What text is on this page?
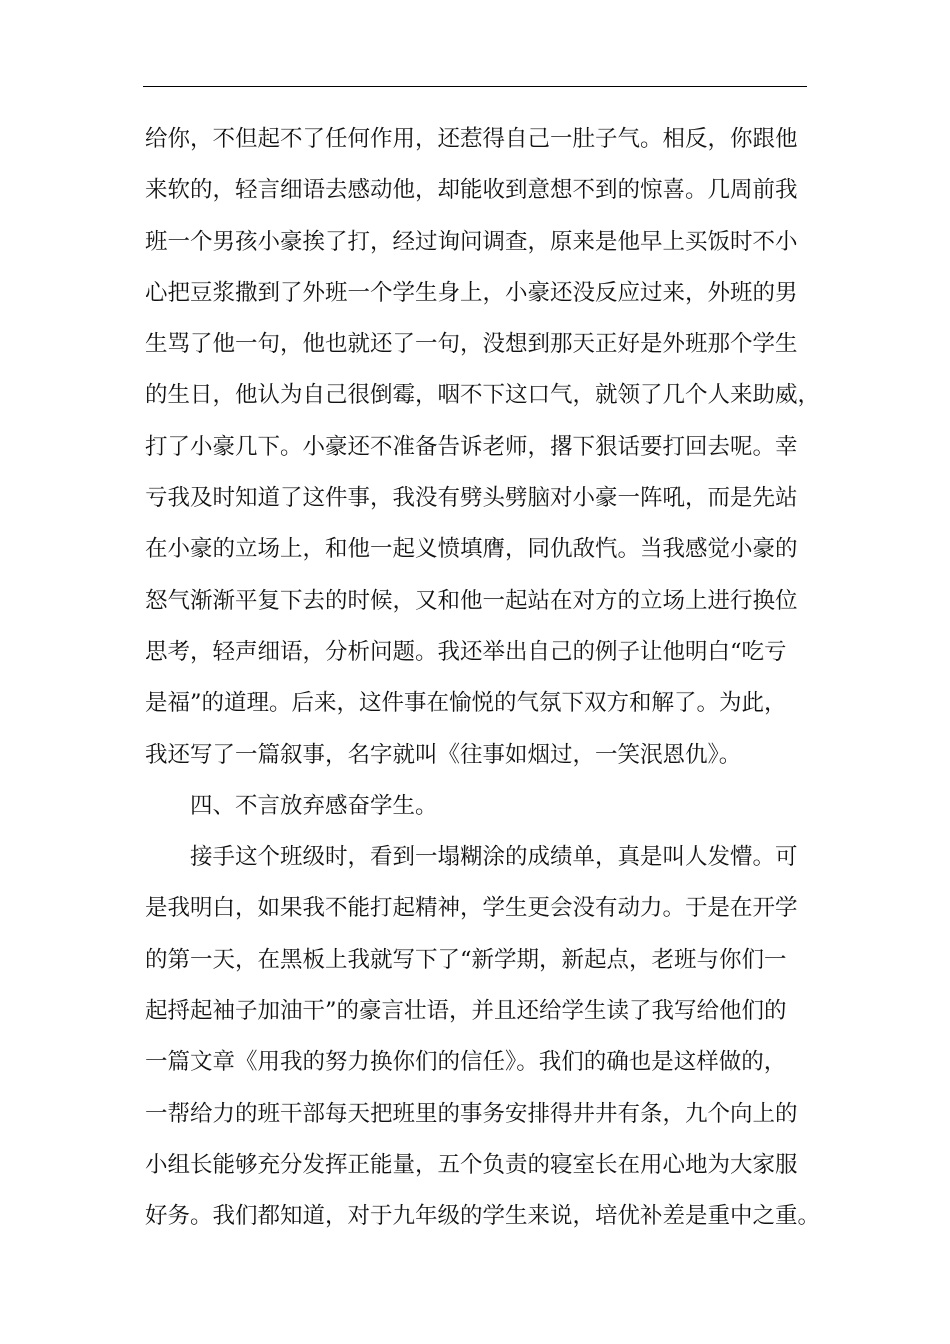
给你，不但起不了任何作用，还惹得自己一肚子气。相反，你跟他

来软的，轻言细语去感动他，却能收到意想不到的惊喜。几周前我

班一个男孩小豪挨了打，经过询问调查，原来是他早上买饭时不小

心把豆浆撒到了外班一个学生身上，小豪还没反应过来，外班的男

生骂了他一句，他也就还了一句，没想到那天正好是外班那个学生

的生日，他认为自己很倒霉，咽不下这口气，就领了几个人来助威，

打了小豪几下。小豪还不准备告诉老师，撂下狠话要打回去呢。幸

亏我及时知道了这件事，我没有劈头劈脑对小豪一阵吼，而是先站

在小豪的立场上，和他一起义愤填膺，同仇敌忾。当我感觉小豪的

怒气渐渐平复下去的时候，又和他一起站在对方的立场上进行换位

思考，轻声细语，分析问题。我还举出自己的例子让他明白“吃亏

是福”的道理。后来，这件事在愉悦的气氛下双方和解了。为此，

我还写了一篇叙事，名字就叫《往事如烟过，一笑泯恩仇》。

四、不言放弃感奋学生。

接手这个班级时，看到一塌糊涂的成绩单，真是叫人发懵。可

是我明白，如果我不能打起精神，学生更会没有动力。于是在开学

的第一天，在黑板上我就写下了“新学期，新起点，老班与你们一

起捋起袖子加油干”的豪言壮语，并且还给学生读了我写给他们的

一篇文章《用我的努力换你们的信任》。我们的确也是这样做的，

一帮给力的班干部每天把班里的事务安排得井井有条，九个向上的

小组长能够充分发挥正能量，五个负责的寝室长在用心地为大家服

好务。我们都知道，对于九年级的学生来说，培优补差是重中之重。
